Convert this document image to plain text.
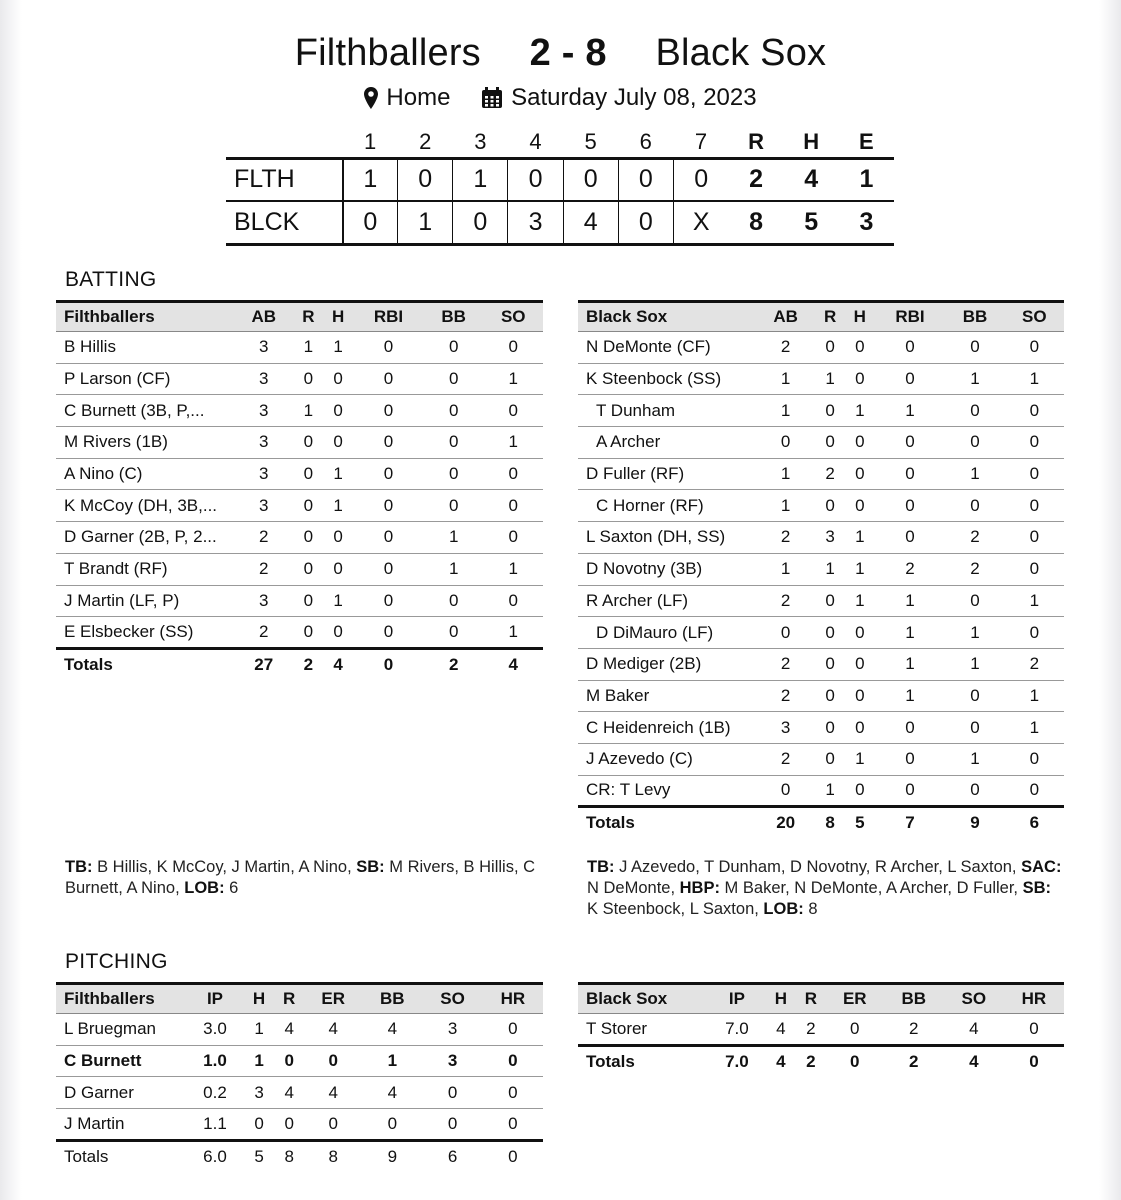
Filthballers 2 - 8 Black Sox
Home
	Saturday July 08, 2023
	1	2	3	4	5	6	7	R	H	E
FLTH	1	0	1	0	0	0	0	2	4	1
BLCK	0	1	0	3	4	0	X	8	5	3
BATTING
Filthballers	AB	R	H	RBI	BB	SO
B Hillis	3	1	1	0	0	0
P Larson (CF)	3	0	0	0	0	1
C Burnett (3B, P,...	3	1	0	0	0	0
M Rivers (1B)	3	0	0	0	0	1
A Nino (C)	3	0	1	0	0	0
K McCoy (DH, 3B,...	3	0	1	0	0	0
D Garner (2B, P, 2...	2	0	0	0	1	0
T Brandt (RF)	2	0	0	0	1	1
J Martin (LF, P)	3	0	1	0	0	0
E Elsbecker (SS)	2	0	0	0	0	1
Totals	27	2	4	0	2	4
Black Sox	AB	R	H	RBI	BB	SO
N DeMonte (CF)	2	0	0	0	0	0
K Steenbock (SS)	1	1	0	0	1	1
T Dunham	1	0	1	1	0	0
A Archer	0	0	0	0	0	0
D Fuller (RF)	1	2	0	0	1	0
C Horner (RF)	1	0	0	0	0	0
L Saxton (DH, SS)	2	3	1	0	2	0
D Novotny (3B)	1	1	1	2	2	0
R Archer (LF)	2	0	1	1	0	1
D DiMauro (LF)	0	0	0	1	1	0
D Mediger (2B)	2	0	0	1	1	2
M Baker	2	0	0	1	0	1
C Heidenreich (1B)	3	0	0	0	0	1
J Azevedo (C)	2	0	1	0	1	0
CR: T Levy	0	1	0	0	0	0
Totals	20	8	5	7	9	6
TB: B Hillis, K McCoy, J Martin, A Nino, SB: M Rivers, B Hillis, C Burnett, A Nino, LOB: 6
TB: J Azevedo, T Dunham, D Novotny, R Archer, L Saxton, SAC: N DeMonte, HBP: M Baker, N DeMonte, A Archer, D Fuller, SB: K Steenbock, L Saxton, LOB: 8
PITCHING
Filthballers	IP	H	R	ER	BB	SO	HR
L Bruegman	3.0	1	4	4	4	3	0
C Burnett	1.0	1	0	0	1	3	0
D Garner	0.2	3	4	4	4	0	0
J Martin	1.1	0	0	0	0	0	0
Totals	6.0	5	8	8	9	6	0
Black Sox	IP	H	R	ER	BB	SO	HR
T Storer	7.0	4	2	0	2	4	0
Totals	7.0	4	2	0	2	4	0
